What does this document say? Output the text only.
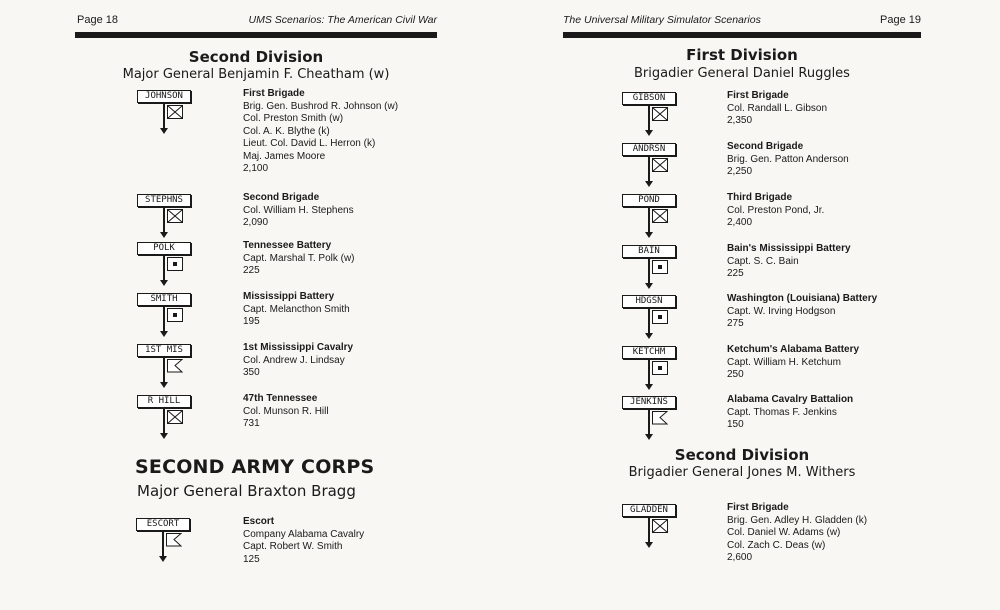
Page 18	UMS Scenarios: The American Civil War
Second Division
Major General Benjamin F. Cheatham (w)
JOHNSON	First Brigade
Brig. Gen. Bushrod R. Johnson (w)
Col. Preston Smith (w)
Col. A. K. Blythe (k)
Lieut. Col. David L. Herron (k)
Maj. James Moore
2,100
STEPHNS	Second Brigade
Col. William H. Stephens
2,090
POLK	Tennessee Battery
Capt. Marshal T. Polk (w)
225
SMITH	Mississippi Battery
Capt. Melancthon Smith
195
1ST MIS	1st Mississippi Cavalry
Col. Andrew J. Lindsay
350
R HILL	47th Tennessee
Col. Munson R. Hill
731
SECOND ARMY CORPS
Major General Braxton Bragg
ESCORT	Escort
Company Alabama Cavalry
Capt. Robert W. Smith
125
The Universal Military Simulator Scenarios	Page 19
First Division
Brigadier General Daniel Ruggles
GIBSON	First Brigade
Col. Randall L. Gibson
2,350
ANDRSN	Second Brigade
Brig. Gen. Patton Anderson
2,250
POND	Third Brigade
Col. Preston Pond, Jr.
2,400
BAIN	Bain's Mississippi Battery
Capt. S. C. Bain
225
HDGSN	Washington (Louisiana) Battery
Capt. W. Irving Hodgson
275
KETCHM	Ketchum's Alabama Battery
Capt. William H. Ketchum
250
JENKINS	Alabama Cavalry Battalion
Capt. Thomas F. Jenkins
150
Second Division
Brigadier General Jones M. Withers
GLADDEN	First Brigade
Brig. Gen. Adley H. Gladden (k)
Col. Daniel W. Adams (w)
Col. Zach C. Deas (w)
2,600
